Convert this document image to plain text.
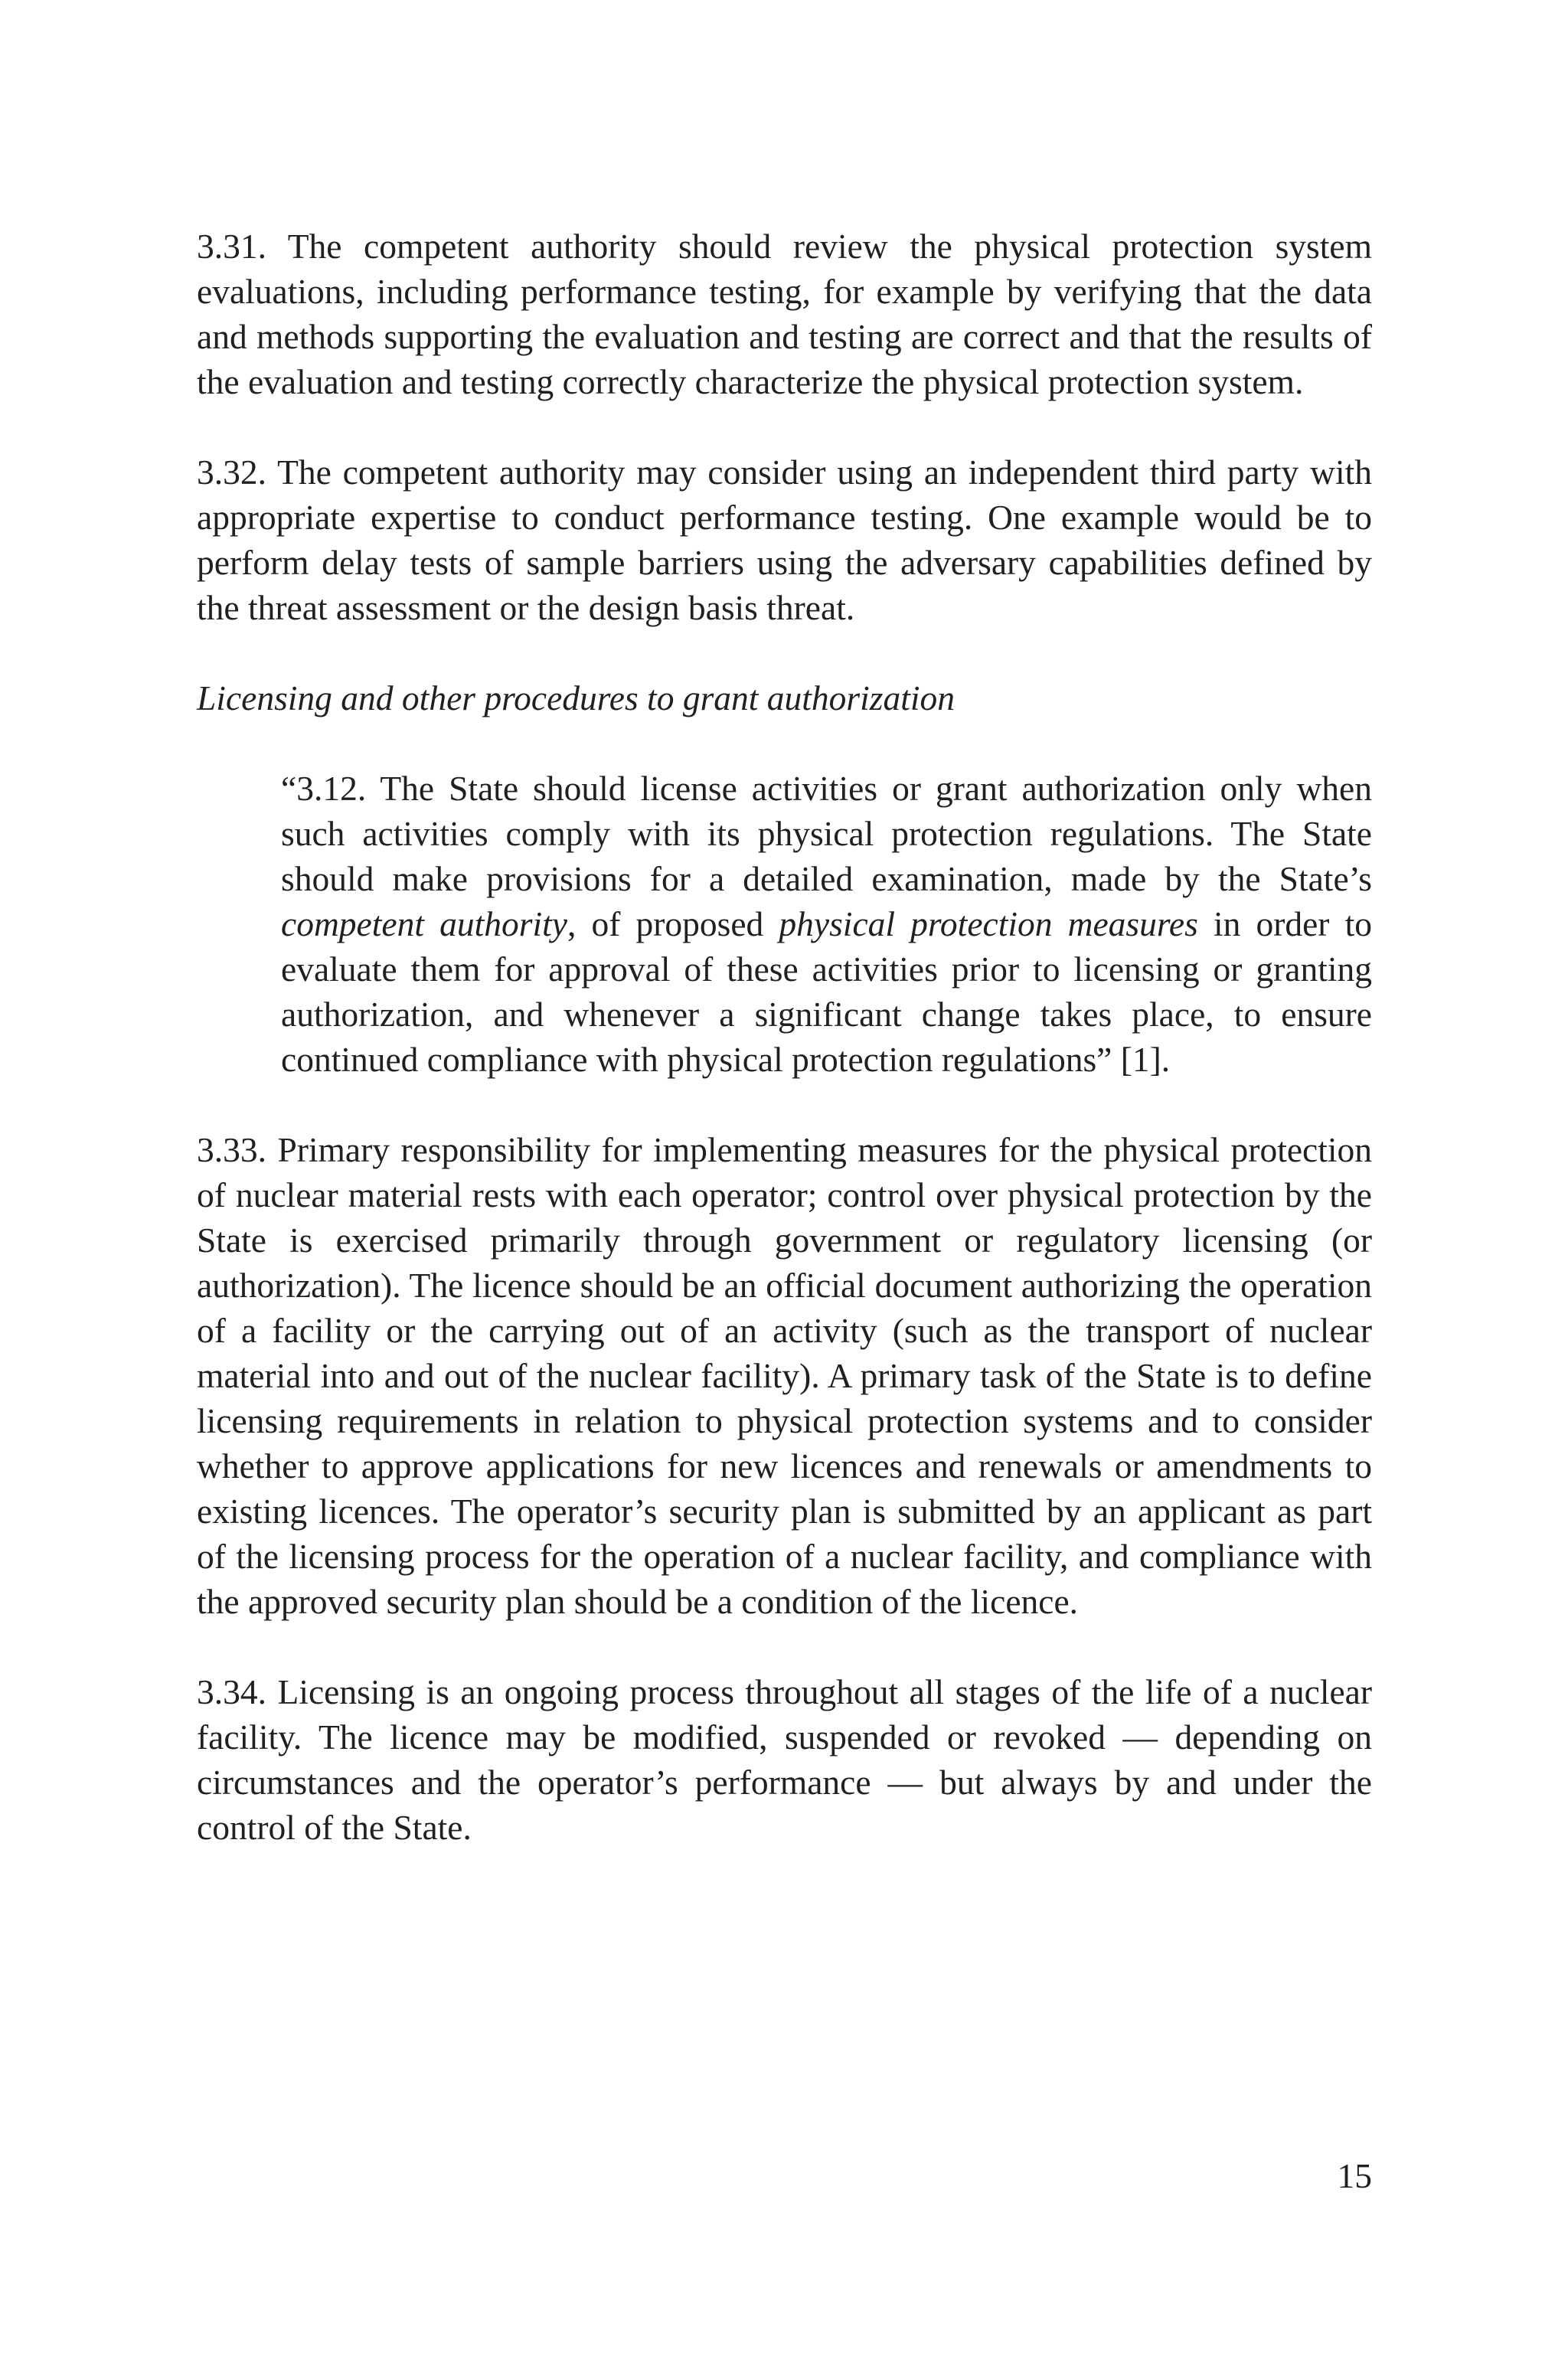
3.31. The competent authority should review the physical protection system evaluations, including performance testing, for example by verifying that the data and methods supporting the evaluation and testing are correct and that the results of the evaluation and testing correctly characterize the physical protection system.

3.32. The competent authority may consider using an independent third party with appropriate expertise to conduct performance testing. One example would be to perform delay tests of sample barriers using the adversary capabilities defined by the threat assessment or the design basis threat.

Licensing and other procedures to grant authorization

“3.12. The State should license activities or grant authorization only when such activities comply with its physical protection regulations. The State should make provisions for a detailed examination, made by the State’s competent authority, of proposed physical protection measures in order to evaluate them for approval of these activities prior to licensing or granting authorization, and whenever a significant change takes place, to ensure continued compliance with physical protection regulations” [1].

3.33. Primary responsibility for implementing measures for the physical protection of nuclear material rests with each operator; control over physical protection by the State is exercised primarily through government or regulatory licensing (or authorization). The licence should be an official document authorizing the operation of a facility or the carrying out of an activity (such as the transport of nuclear material into and out of the nuclear facility). A primary task of the State is to define licensing requirements in relation to physical protection systems and to consider whether to approve applications for new licences and renewals or amendments to existing licences. The operator’s security plan is submitted by an applicant as part of the licensing process for the operation of a nuclear facility, and compliance with the approved security plan should be a condition of the licence.

3.34. Licensing is an ongoing process throughout all stages of the life of a nuclear facility. The licence may be modified, suspended or revoked — depending on circumstances and the operator’s performance — but always by and under the control of the State.

15
